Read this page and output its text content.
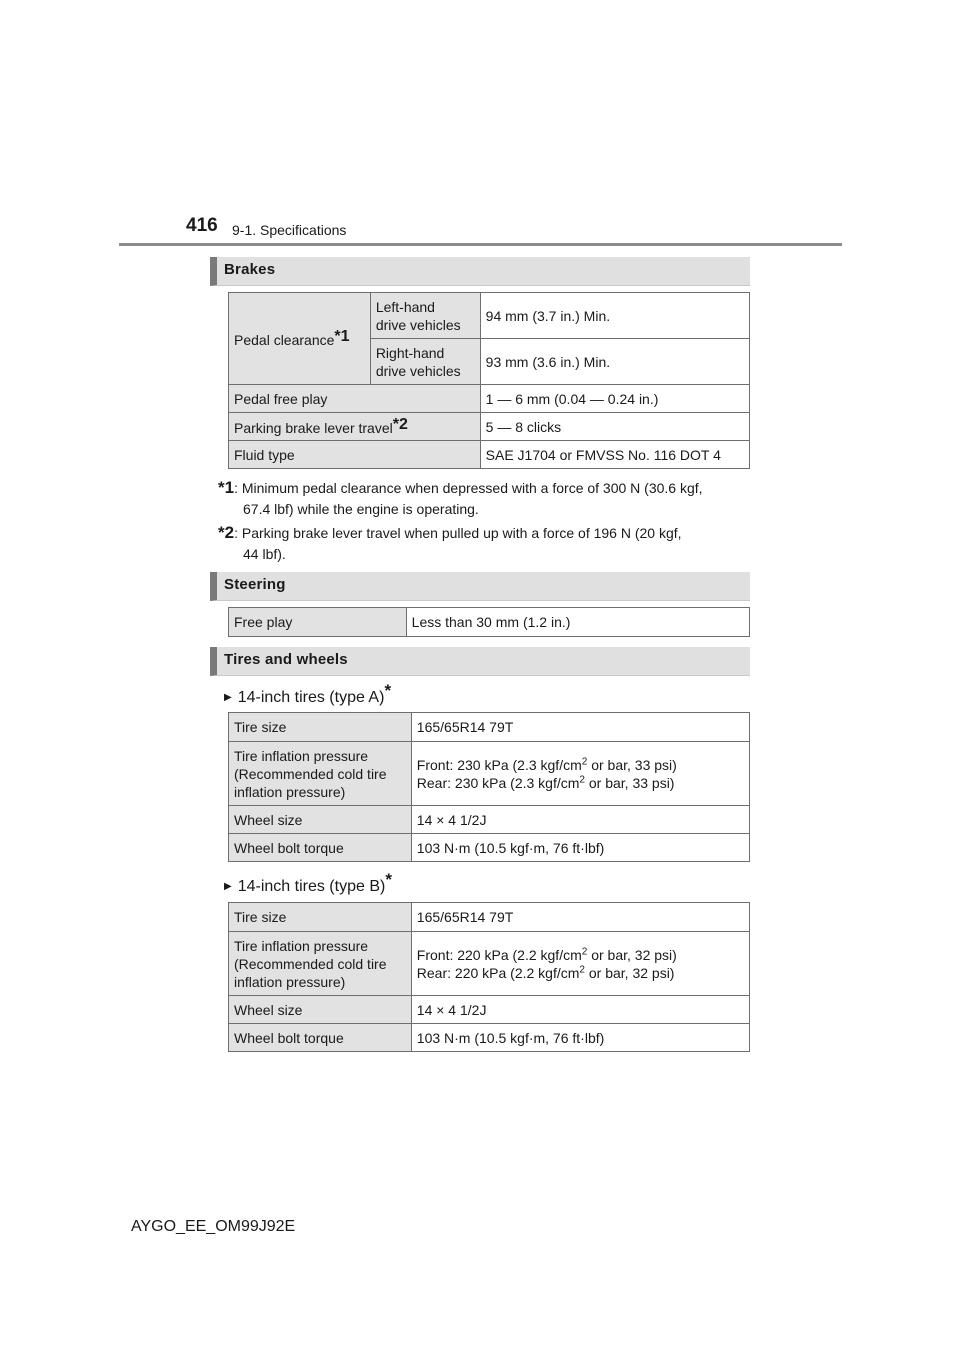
416 9-1. Specifications
Brakes
Pedal clearance*1	Left-hand
drive vehicles	94 mm (3.7 in.) Min.
	Right-hand
drive vehicles	93 mm (3.6 in.) Min.
Pedal free play		1 — 6 mm (0.04 — 0.24 in.)
Parking brake lever travel*2		5 — 8 clicks
Fluid type		SAE J1704 or FMVSS No. 116 DOT 4
*1: Minimum pedal clearance when depressed with a force of 300 N (30.6 kgf,
67.4 lbf) while the engine is operating.
*2: Parking brake lever travel when pulled up with a force of 196 N (20 kgf,
44 lbf).
Steering
Free play	Less than 30 mm (1.2 in.)
Tires and wheels
▶ 14-inch tires (type A)*
Tire size	165/65R14 79T
Tire inflation pressure
(Recommended cold tire
inflation pressure)	Front: 230 kPa (2.3 kgf/$cm^2$ or bar, 33 psi)
Rear: 230 kPa (2.3 kgf/$cm^2$ or bar, 33 psi)
Wheel size	14 × 4 1/2J
Wheel bolt torque	103 N·m (10.5 kgf·m, 76 ft·lbf)
▶ 14-inch tires (type B)*
Tire size	165/65R14 79T
Tire inflation pressure
(Recommended cold tire
inflation pressure)	Front: 220 kPa (2.2 kgf/$cm^2$ or bar, 32 psi)
Rear: 220 kPa (2.2 kgf/$cm^2$ or bar, 32 psi)
Wheel size	14 × 4 1/2J
Wheel bolt torque	103 N·m (10.5 kgf·m, 76 ft·lbf)
AYGO_EE_OM99J92E
